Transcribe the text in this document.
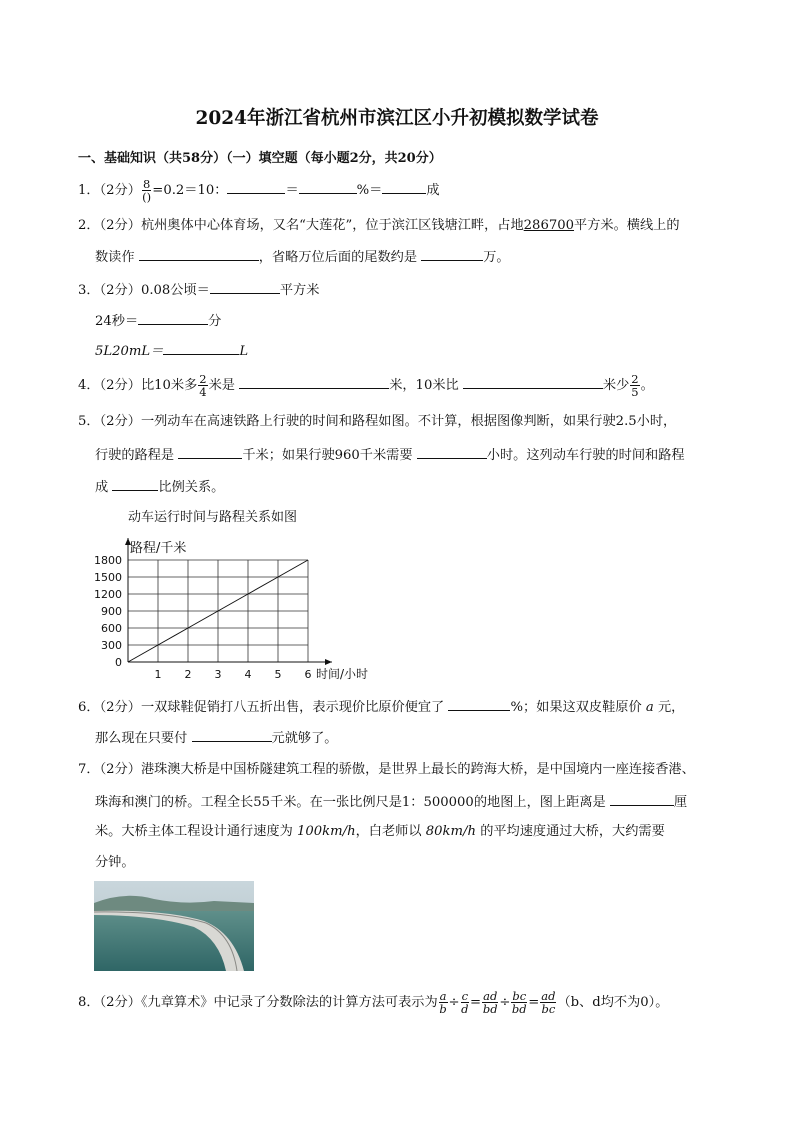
2024年浙江省杭州市滨江区小升初模拟数学试卷
一、基础知识（共58分）（一）填空题（每小题2分，共20分）
1．（2分） $\frac{8}{()} =0.2=10$：	＝	%＝	成
2．（2分）杭州奥体中心体育场，又名“大莲花”，位于滨江区钱塘江畔，占地286700平方米。横线上的
数读作	，省略万位后面的尾数约是	万。
3．（2分）0.08公顷＝	平方米
24秒＝	分
5L20mL＝	L
4．（2分）比10米多 $\frac{2}{4}$ 米是	米，10米比	米少 $\frac{2}{5}$ 。
5．（2分）一列动车在高速铁路上行驶的时间和路程如图。不计算，根据图像判断，如果行驶2.5小时，
行驶的路程是	千米；如果行驶960千米需要	小时。这列动车行驶的时间和路程
成	比例关系。
动车运行时间与路程关系如图
0
300
600
900
1200
1500
1800
1 2 3 4 5 6
路程/千米
时间/小时
6．（2分）一双球鞋促销打八五折出售，表示现价比原价便宜了	%；如果这双皮鞋原价 a 元，
那么现在只要付	元就够了。
7．（2分）港珠澳大桥是中国桥隧建筑工程的骄傲，是世界上最长的跨海大桥，是中国境内一座连接香港、
珠海和澳门的桥。工程全长55千米。在一张比例尺是1：500000的地图上，图上距离是	厘
米。大桥主体工程设计通行速度为 100km/h，白老师以 80km/h 的平均速度通过大桥，大约需要
分钟。
8．（2分）《九章算术》中记录了分数除法的计算方法可表示为 $\frac{a}{b} \div \frac{c}{d} = \frac{ad}{bd} \div \frac{bc}{bd} = \frac{ad}{bc} (b$、d均不为0）。
